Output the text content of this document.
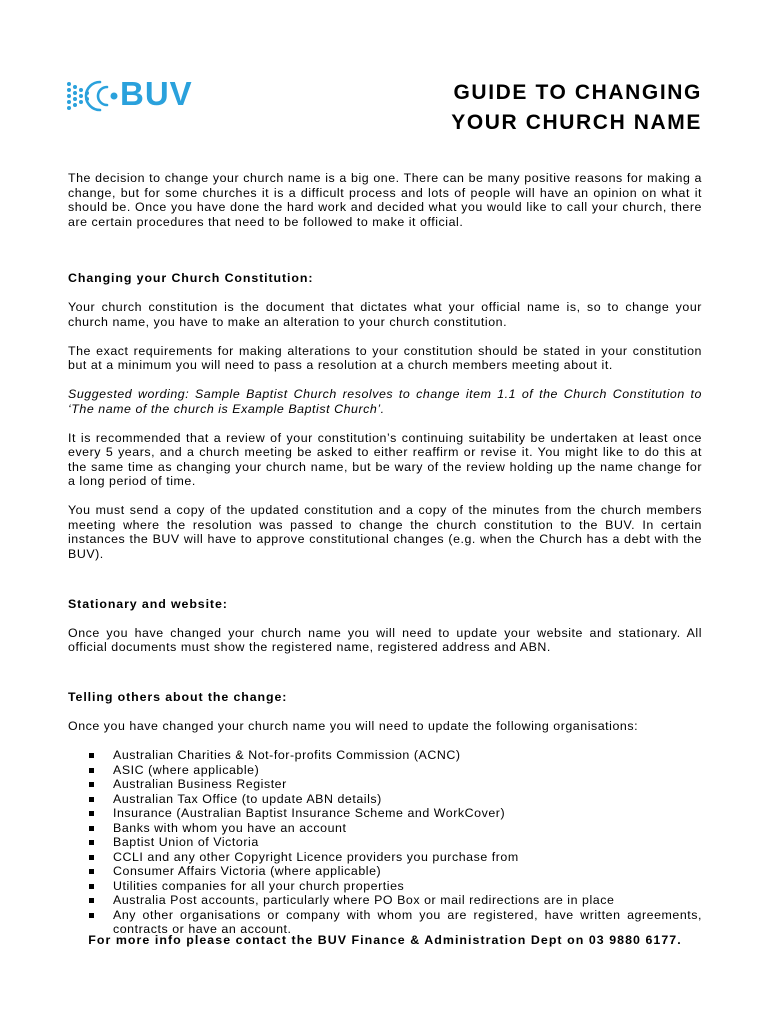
BUV	GUIDE TO CHANGING
YOUR CHURCH NAME

The decision to change your church name is a big one. There can be many positive reasons for making a change, but for some churches it is a difficult process and lots of people will have an opinion on what it should be. Once you have done the hard work and decided what you would like to call your church, there are certain procedures that need to be followed to make it official.

Changing your Church Constitution:

Your church constitution is the document that dictates what your official name is, so to change your church name, you have to make an alteration to your church constitution.

The exact requirements for making alterations to your constitution should be stated in your constitution but at a minimum you will need to pass a resolution at a church members meeting about it.

Suggested wording: Sample Baptist Church resolves to change item 1.1 of the Church Constitution to ‘The name of the church is Example Baptist Church’.

It is recommended that a review of your constitution’s continuing suitability be undertaken at least once every 5 years, and a church meeting be asked to either reaffirm or revise it. You might like to do this at the same time as changing your church name, but be wary of the review holding up the name change for a long period of time.

You must send a copy of the updated constitution and a copy of the minutes from the church members meeting where the resolution was passed to change the church constitution to the BUV. In certain instances the BUV will have to approve constitutional changes (e.g. when the Church has a debt with the BUV).

Stationary and website:

Once you have changed your church name you will need to update your website and stationary. All official documents must show the registered name, registered address and ABN.

Telling others about the change:

Once you have changed your church name you will need to update the following organisations:

Australian Charities & Not-for-profits Commission (ACNC)
ASIC (where applicable)
Australian Business Register
Australian Tax Office (to update ABN details)
Insurance (Australian Baptist Insurance Scheme and WorkCover)
Banks with whom you have an account
Baptist Union of Victoria
CCLI and any other Copyright Licence providers you purchase from
Consumer Affairs Victoria (where applicable)
Utilities companies for all your church properties
Australia Post accounts, particularly where PO Box or mail redirections are in place
Any other organisations or company with whom you are registered, have written agreements, contracts or have an account.
For more info please contact the BUV Finance & Administration Dept on 03 9880 6177.
